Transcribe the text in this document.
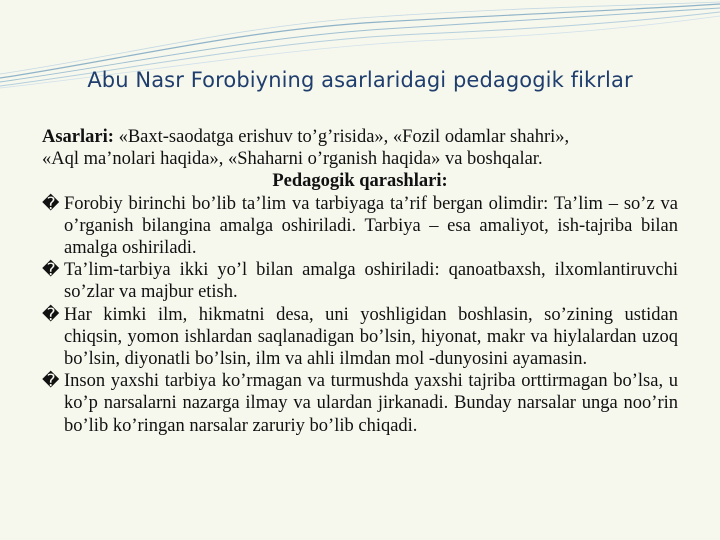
Abu Nasr Forobiyning asarlaridagi pedagogik fikrlar

Asarlari: «Baxt-saodatga erishuv to’g’risida», «Fozil odamlar shahri»,

«Aql ma’nolari haqida», «Shaharni o’rganish haqida» va boshqalar.

Pedagogik qarashlari:

� Forobiy birinchi bo’lib ta’lim va tarbiyaga ta’rif bergan olimdir: Ta’lim – so’z va o’rganish bilangina amalga oshiriladi. Tarbiya – esa amaliyot, ish-tajriba bilan amalga oshiriladi.

� Ta’lim-tarbiya ikki yo’l bilan amalga oshiriladi: qanoatbaxsh, ilxomlantiruvchi so’zlar va majbur etish.

� Har kimki ilm, hikmatni desa, uni yoshligidan boshlasin, so’zining ustidan chiqsin, yomon ishlardan saqlanadigan bo’lsin, hiyonat, makr va hiylalardan uzoq bo’lsin, diyonatli bo’lsin, ilm va ahli ilmdan mol -dunyosini ayamasin.

� Inson yaxshi tarbiya ko’rmagan va turmushda yaxshi tajriba orttirmagan bo’lsa, u ko’p narsalarni nazarga ilmay va ulardan jirkanadi. Bunday narsalar unga noo’rin bo’lib ko’ringan narsalar zaruriy bo’lib chiqadi.
